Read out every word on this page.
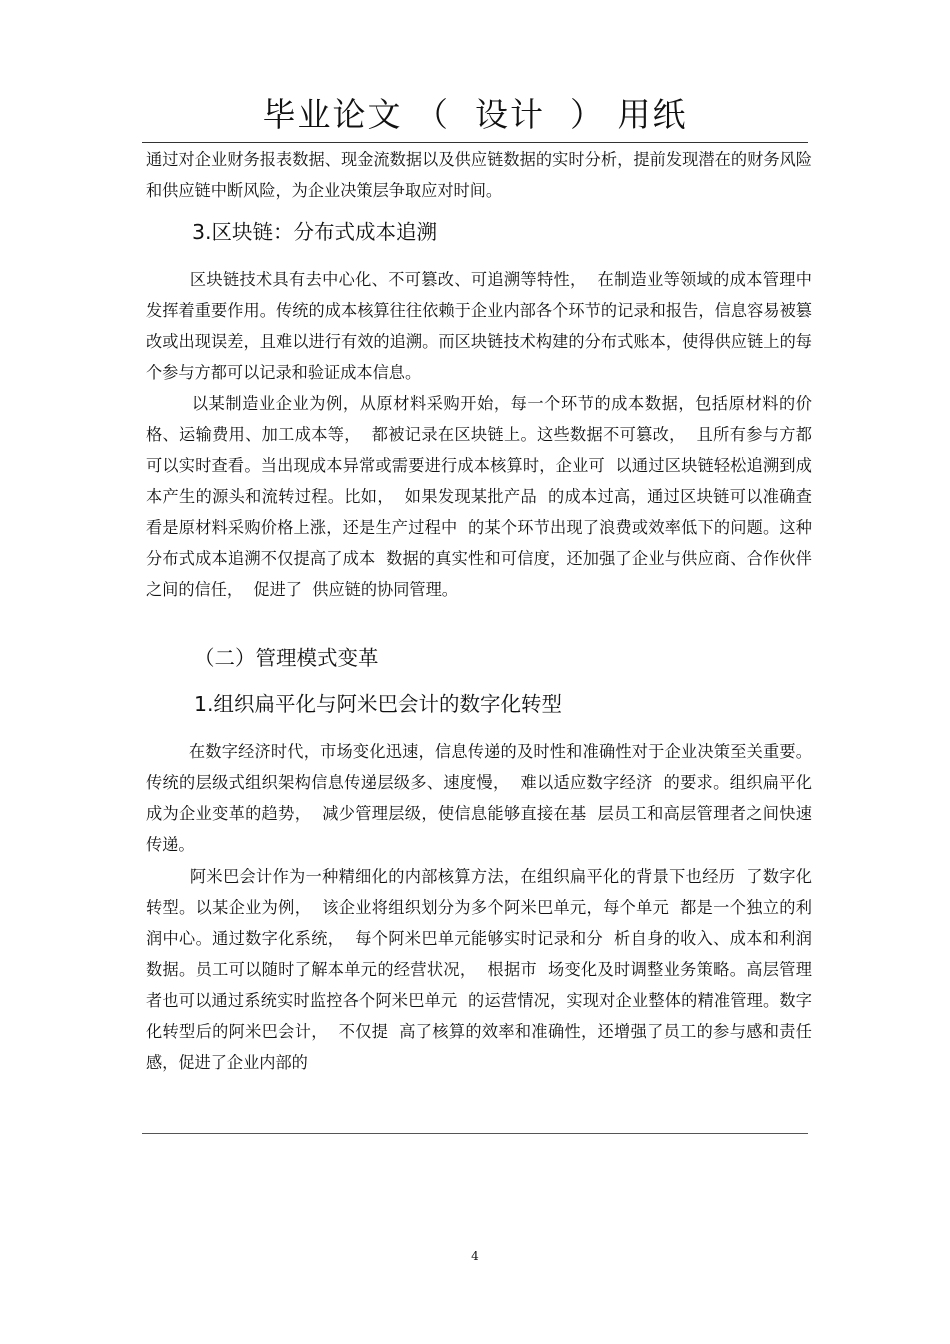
毕业论文 （  设计  ） 用纸
通过对企业财务报表数据、现金流数据以及供应链数据的实时分析，提前发现潜在的财务风险和供应链中断风险，为企业决策层争取应对时间。
3.区块链：分布式成本追溯
区块链技术具有去中心化、不可篡改、可追溯等特性，  在制造业等领域的成本管理中发挥着重要作用。传统的成本核算往往依赖于企业内部各个环节的记录和报告，信息容易被篡改或出现误差，且难以进行有效的追溯。而区块链技术构建的分布式账本，使得供应链上的每个参与方都可以记录和验证成本信息。
以某制造业企业为例，从原材料采购开始，每一个环节的成本数据，包括原材料的价格、运输费用、加工成本等，  都被记录在区块链上。这些数据不可篡改，  且所有参与方都可以实时查看。当出现成本异常或需要进行成本核算时，企业可  以通过区块链轻松追溯到成本产生的源头和流转过程。比如，  如果发现某批产品  的成本过高，通过区块链可以准确查看是原材料采购价格上涨，还是生产过程中  的某个环节出现了浪费或效率低下的问题。这种分布式成本追溯不仅提高了成本  数据的真实性和可信度，还加强了企业与供应商、合作伙伴之间的信任，  促进了  供应链的协同管理。
（二）管理模式变革
1.组织扁平化与阿米巴会计的数字化转型
在数字经济时代，市场变化迅速，信息传递的及时性和准确性对于企业决策至关重要。传统的层级式组织架构信息传递层级多、速度慢，  难以适应数字经济  的要求。组织扁平化成为企业变革的趋势，  减少管理层级，使信息能够直接在基  层员工和高层管理者之间快速传递。
阿米巴会计作为一种精细化的内部核算方法，在组织扁平化的背景下也经历  了数字化转型。以某企业为例，  该企业将组织划分为多个阿米巴单元，每个单元  都是一个独立的利润中心。通过数字化系统，  每个阿米巴单元能够实时记录和分  析自身的收入、成本和利润数据。员工可以随时了解本单元的经营状况，  根据市  场变化及时调整业务策略。高层管理者也可以通过系统实时监控各个阿米巴单元  的运营情况，实现对企业整体的精准管理。数字化转型后的阿米巴会计，  不仅提  高了核算的效率和准确性，还增强了员工的参与感和责任感，促进了企业内部的
4
